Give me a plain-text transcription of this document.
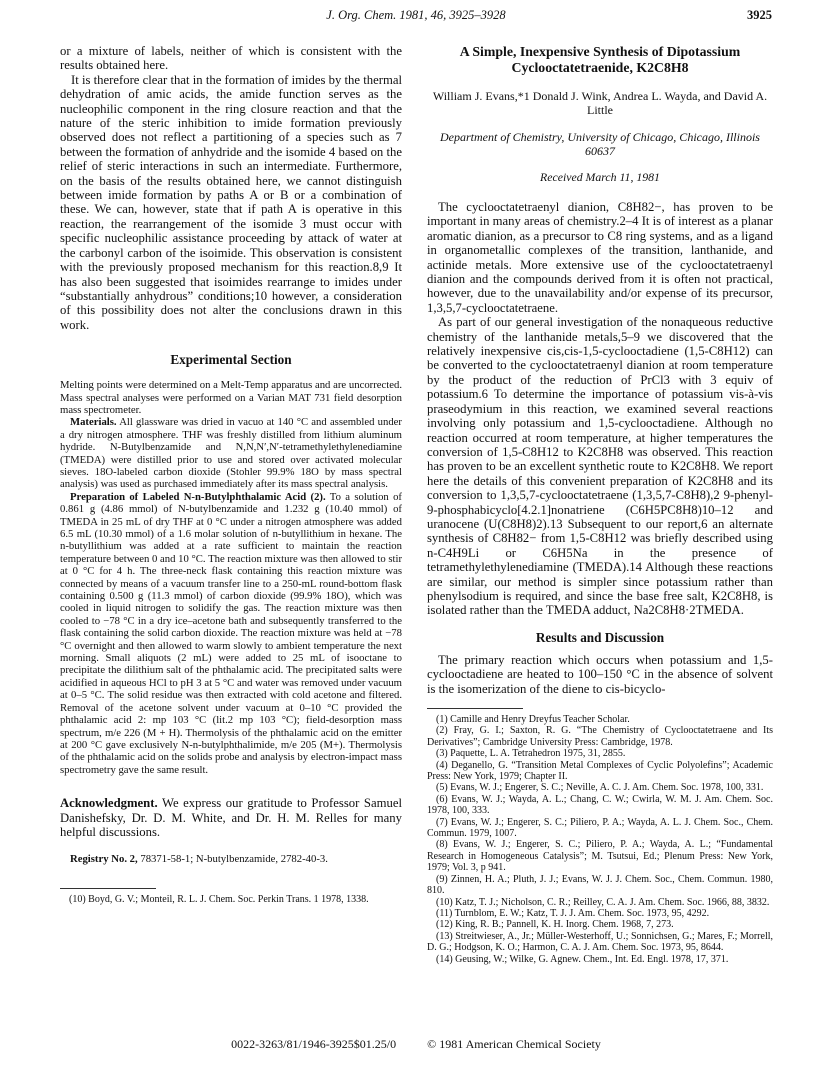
J. Org. Chem. 1981, 46, 3925–3928	3925

or a mixture of labels, neither of which is consistent with the results obtained here.

It is therefore clear that in the formation of imides by the thermal dehydration of amic acids, the amide function serves as the nucleophilic component in the ring closure reaction and that the nature of the steric inhibition to imide formation previously observed does not reflect a partitioning of a species such as 7 between the formation of anhydride and the isomide 4 based on the relief of steric interactions in such an intermediate. Furthermore, on the basis of the results obtained here, we cannot distinguish between imide formation by paths A or B or a combination of these. We can, however, state that if path A is operative in this reaction, the rearrangement of the isomide 3 must occur with specific nucleophilic assistance proceeding by attack of water at the carbonyl carbon of the isoimide. This observation is consistent with the previously proposed mechanism for this reaction.8,9 It has also been suggested that isoimides rearrange to imides under “substantially anhydrous” conditions;10 however, a consideration of this possibility does not alter the conclusions drawn in this work.

Experimental Section

Melting points were determined on a Melt-Temp apparatus and are uncorrected. Mass spectral analyses were performed on a Varian MAT 731 field desorption mass spectrometer.

Materials. All glassware was dried in vacuo at 140 °C and assembled under a dry nitrogen atmosphere. THF was freshly distilled from lithium aluminum hydride. N-Butylbenzamide and N,N,N′,N′-tetramethylethylenediamine (TMEDA) were distilled prior to use and stored over activated molecular sieves. 18O-labeled carbon dioxide (Stohler 99.9% 18O by mass spectral analysis) was used as purchased immediately after its mass spectral analysis.

Preparation of Labeled N-n-Butylphthalamic Acid (2). To a solution of 0.861 g (4.86 mmol) of N-butylbenzamide and 1.232 g (10.40 mmol) of TMEDA in 25 mL of dry THF at 0 °C under a nitrogen atmosphere was added 6.5 mL (10.30 mmol) of a 1.6 molar solution of n-butyllithium in hexane. The n-butyllithium was added at a rate sufficient to maintain the reaction temperature between 0 and 10 °C. The reaction mixture was then allowed to stir at 0 °C for 4 h. The three-neck flask containing this reaction mixture was connected by means of a vacuum transfer line to a 250-mL round-bottom flask containing 0.500 g (11.3 mmol) of carbon dioxide (99.9% 18O), which was cooled in liquid nitrogen to solidify the gas. The reaction mixture was then cooled to −78 °C in a dry ice–acetone bath and subsequently transferred to the flask containing the solid carbon dioxide. The reaction mixture was held at −78 °C overnight and then allowed to warm slowly to ambient temperature the next morning. Small aliquots (2 mL) were added to 25 mL of isooctane to precipitate the dilithium salt of the phthalamic acid. The precipitated salts were acidified in aqueous HCl to pH 3 at 5 °C and water was removed under vacuum at 0–5 °C. The solid residue was then extracted with cold acetone and filtered. Removal of the acetone solvent under vacuum at 0–10 °C provided the phthalamic acid 2: mp 103 °C (lit.2 mp 103 °C); field-desorption mass spectrum, m/e 226 (M + H). Thermolysis of the phthalamic acid on the emitter at 200 °C gave exclusively N-n-butylphthalimide, m/e 205 (M+). Thermolysis of the phthalamic acid on the solids probe and analysis by electron-impact mass spectrometry gave the same result.

Acknowledgment. We express our gratitude to Professor Samuel Danishefsky, Dr. D. M. White, and Dr. H. M. Relles for many helpful discussions.

Registry No. 2, 78371-58-1; N-butylbenzamide, 2782-40-3.

(10) Boyd, G. V.; Monteil, R. L. J. Chem. Soc. Perkin Trans. 1 1978, 1338.

A Simple, Inexpensive Synthesis of Dipotassium
Cyclooctatetraenide, K2C8H8

William J. Evans,*1 Donald J. Wink, Andrea L. Wayda, and David A. Little

Department of Chemistry, University of Chicago, Chicago, Illinois 60637

Received March 11, 1981

The cyclooctatetraenyl dianion, C8H82−, has proven to be important in many areas of chemistry.2–4 It is of interest as a planar aromatic dianion, as a precursor to C8 ring systems, and as a ligand in organometallic complexes of the transition, lanthanide, and actinide metals. More extensive use of the cyclooctatetraenyl dianion and the compounds derived from it is often not practical, however, due to the unavailability and/or expense of its precursor, 1,3,5,7-cyclooctatetraene.

As part of our general investigation of the nonaqueous reductive chemistry of the lanthanide metals,5–9 we discovered that the relatively inexpensive cis,cis-1,5-cyclooctadiene (1,5-C8H12) can be converted to the cyclooctatetraenyl dianion at room temperature by the product of the reduction of PrCl3 with 3 equiv of potassium.6 To determine the importance of potassium vis-à-vis praseodymium in this reaction, we examined several reactions involving only potassium and 1,5-cyclooctadiene. Although no reaction occurred at room temperature, at higher temperatures the conversion of 1,5-C8H12 to K2C8H8 was observed. This reaction has proven to be an excellent synthetic route to K2C8H8. We report here the details of this convenient preparation of K2C8H8 and its conversion to 1,3,5,7-cyclooctatetraene (1,3,5,7-C8H8),2 9-phenyl-9-phosphabicyclo[4.2.1]nonatriene (C6H5PC8H8)10–12 and uranocene (U(C8H8)2).13 Subsequent to our report,6 an alternate synthesis of C8H82− from 1,5-C8H12 was briefly described using n-C4H9Li or C6H5Na in the presence of tetramethylethylenediamine (TMEDA).14 Although these reactions are similar, our method is simpler since potassium rather than phenylsodium is required, and since the base free salt, K2C8H8, is isolated rather than the TMEDA adduct, Na2C8H8·2TMEDA.

Results and Discussion

The primary reaction which occurs when potassium and 1,5-cyclooctadiene are heated to 100–150 °C in the absence of solvent is the isomerization of the diene to cis-bicyclo-

(1) Camille and Henry Dreyfus Teacher Scholar.

(2) Fray, G. I.; Saxton, R. G. “The Chemistry of Cyclooctatetraene and Its Derivatives”; Cambridge University Press: Cambridge, 1978.

(3) Paquette, L. A. Tetrahedron 1975, 31, 2855.

(4) Deganello, G. “Transition Metal Complexes of Cyclic Polyolefins”; Academic Press: New York, 1979; Chapter II.

(5) Evans, W. J.; Engerer, S. C.; Neville, A. C. J. Am. Chem. Soc. 1978, 100, 331.

(6) Evans, W. J.; Wayda, A. L.; Chang, C. W.; Cwirla, W. M. J. Am. Chem. Soc. 1978, 100, 333.

(7) Evans, W. J.; Engerer, S. C.; Piliero, P. A.; Wayda, A. L. J. Chem. Soc., Chem. Commun. 1979, 1007.

(8) Evans, W. J.; Engerer, S. C.; Piliero, P. A.; Wayda, A. L.; “Fundamental Research in Homogeneous Catalysis”; M. Tsutsui, Ed.; Plenum Press: New York, 1979; Vol. 3, p 941.

(9) Zinnen, H. A.; Pluth, J. J.; Evans, W. J. J. Chem. Soc., Chem. Commun. 1980, 810.

(10) Katz, T. J.; Nicholson, C. R.; Reilley, C. A. J. Am. Chem. Soc. 1966, 88, 3832.

(11) Turnblom, E. W.; Katz, T. J. J. Am. Chem. Soc. 1973, 95, 4292.

(12) King, R. B.; Pannell, K. H. Inorg. Chem. 1968, 7, 273.

(13) Streitwieser, A., Jr.; Müller-Westerhoff, U.; Sonnichsen, G.; Mares, F.; Morrell, D. G.; Hodgson, K. O.; Harmon, C. A. J. Am. Chem. Soc. 1973, 95, 8644.

(14) Geusing, W.; Wilke, G. Agnew. Chem., Int. Ed. Engl. 1978, 17, 371.

0022-3263/81/1946-3925$01.25/0	© 1981 American Chemical Society
